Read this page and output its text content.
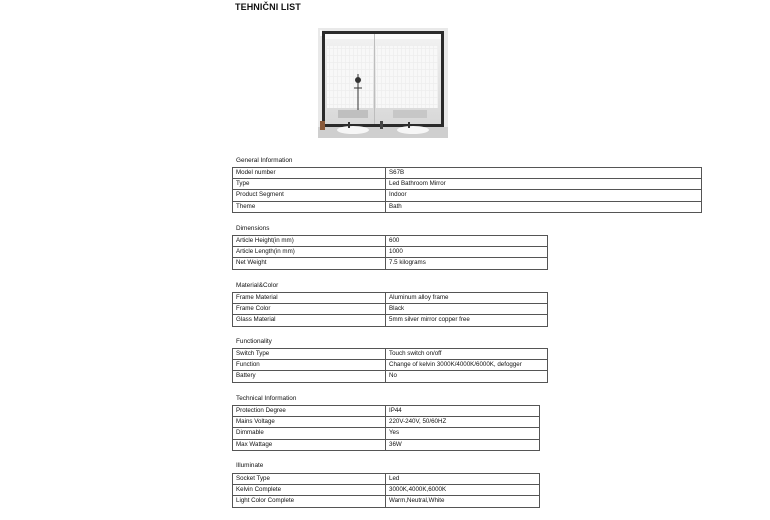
TEHNIČNI LIST
General Information
Model number	S67B
Type	Led Bathroom Mirror
Product Segment	Indoor
Theme	Bath
Dimensions
Article Height(in mm)	600
Article Length(in mm)	1000
Net Weight	7.5 kilograms
Material&Color
Frame Material	Aluminum alloy frame
Frame Color	Black
Glass Material	5mm silver mirror copper free
Functionality
Switch Type	Touch switch on/off
Function	Change of kelvin 3000K/4000K/6000K, defogger
Battery	No
Technical Information
Protection Degree	IP44
Mains Voltage	220V-240V, 50/60HZ
Dimmable	Yes
Max Wattage	36W
Illuminate
Socket Type	Led
Kelvin Complete	3000K,4000K,6000K
Light Color Complete	Warm,Neutral,White
